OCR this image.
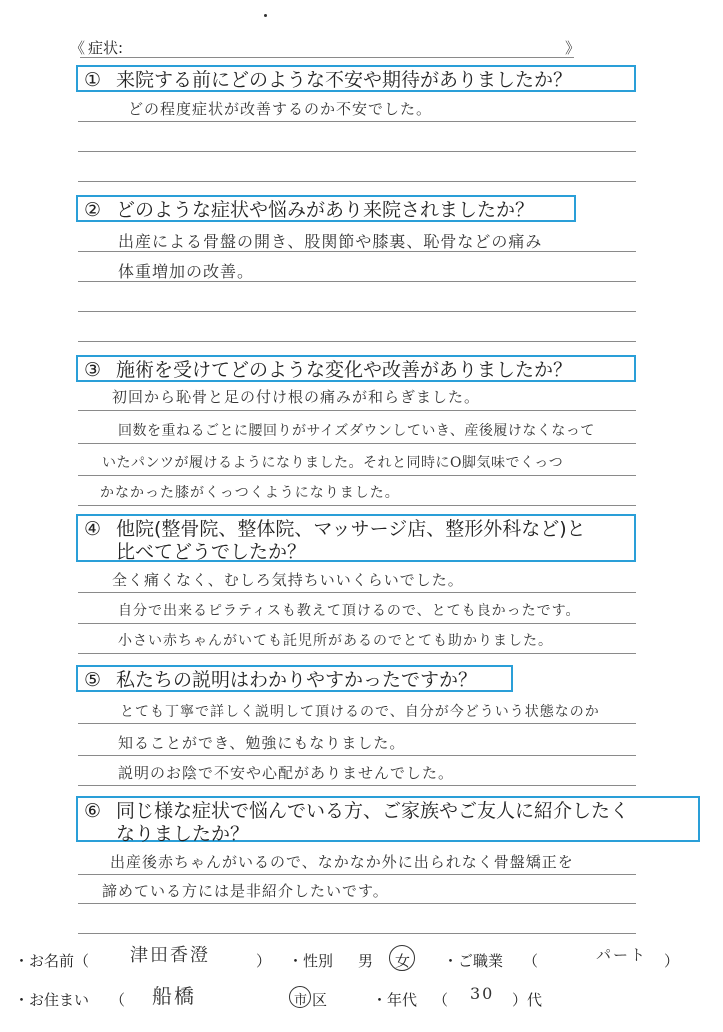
《 症状:	》
① 来院する前にどのような不安や期待がありましたか？
どの程度症状が改善するのか不安でした。
② どのような症状や悩みがあり来院されましたか？
出産による骨盤の開き、股関節や膝裏、恥骨などの痛み
体重増加の改善。
③ 施術を受けてどのような変化や改善がありましたか？
初回から恥骨と足の付け根の痛みが和らぎました。
回数を重ねるごとに腰回りがサイズダウンしていき、産後履けなくなって
いたパンツが履けるようになりました。それと同時にO脚気味でくっつ
かなかった膝がくっつくようになりました。
④ 他院(整骨院、整体院、マッサージ店、整形外科など)と
比べてどうでしたか？
全く痛くなく、むしろ気持ちいいくらいでした。
自分で出来るピラティスも教えて頂けるので、とても良かったです。
小さい赤ちゃんがいても託児所があるのでとても助かりました。
⑤ 私たちの説明はわかりやすかったですか？
とても丁寧で詳しく説明して頂けるので、自分が今どういう状態なのか
知ることができ、勉強にもなりました。
説明のお陰で不安や心配がありませんでした。
⑥ 同じ様な症状で悩んでいる方、ご家族やご友人に紹介したく
なりましたか？
出産後赤ちゃんがいるので、なかなか外に出られなく骨盤矯正を
諦めている方には是非紹介したいです。
・お名前（ 津田香澄	） ・性別 男 女 ・ご職業 （	パート ）
・お住まい （ 船橋	市 区	・年代 （ 30 ）代
